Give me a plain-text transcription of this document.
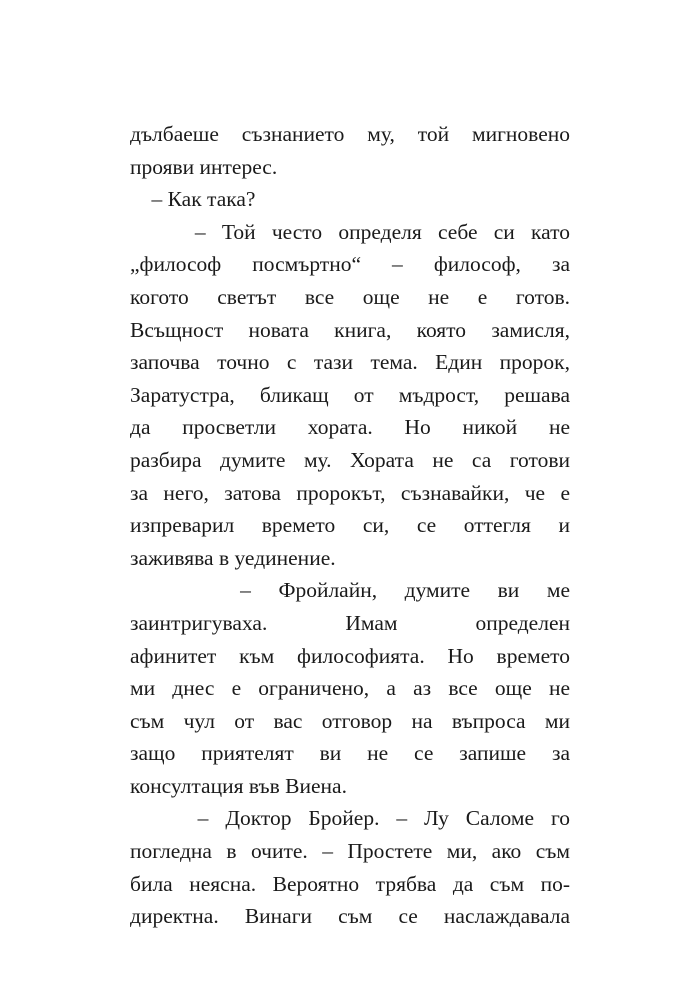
дълбаеше съзнанието му, той мигновено
прояви интерес.
– Как така?
– Той често определя себе си като
„философ посмъртно“ – философ, за
когото светът все още не е готов.
Всъщност новата книга, която замисля,
започва точно с тази тема. Един пророк,
Заратустра, бликащ от мъдрост, решава
да просветли хората. Но никой не
разбира думите му. Хората не са готови
за него, затова пророкът, съзнавайки, че е
изпреварил времето си, се оттегля и
заживява в уединение.
– Фройлайн, думите ви ме
заинтригуваха. Имам определен
афинитет към философията. Но времето
ми днес е ограничено, а аз все още не
съм чул от вас отговор на въпроса ми
защо приятелят ви не се запише за
консултация във Виена.
– Доктор Бройер. – Лу Саломе го
погледна в очите. – Простете ми, ако съм
била неясна. Вероятно трябва да съм по-
директна. Винаги съм се наслаждавала
